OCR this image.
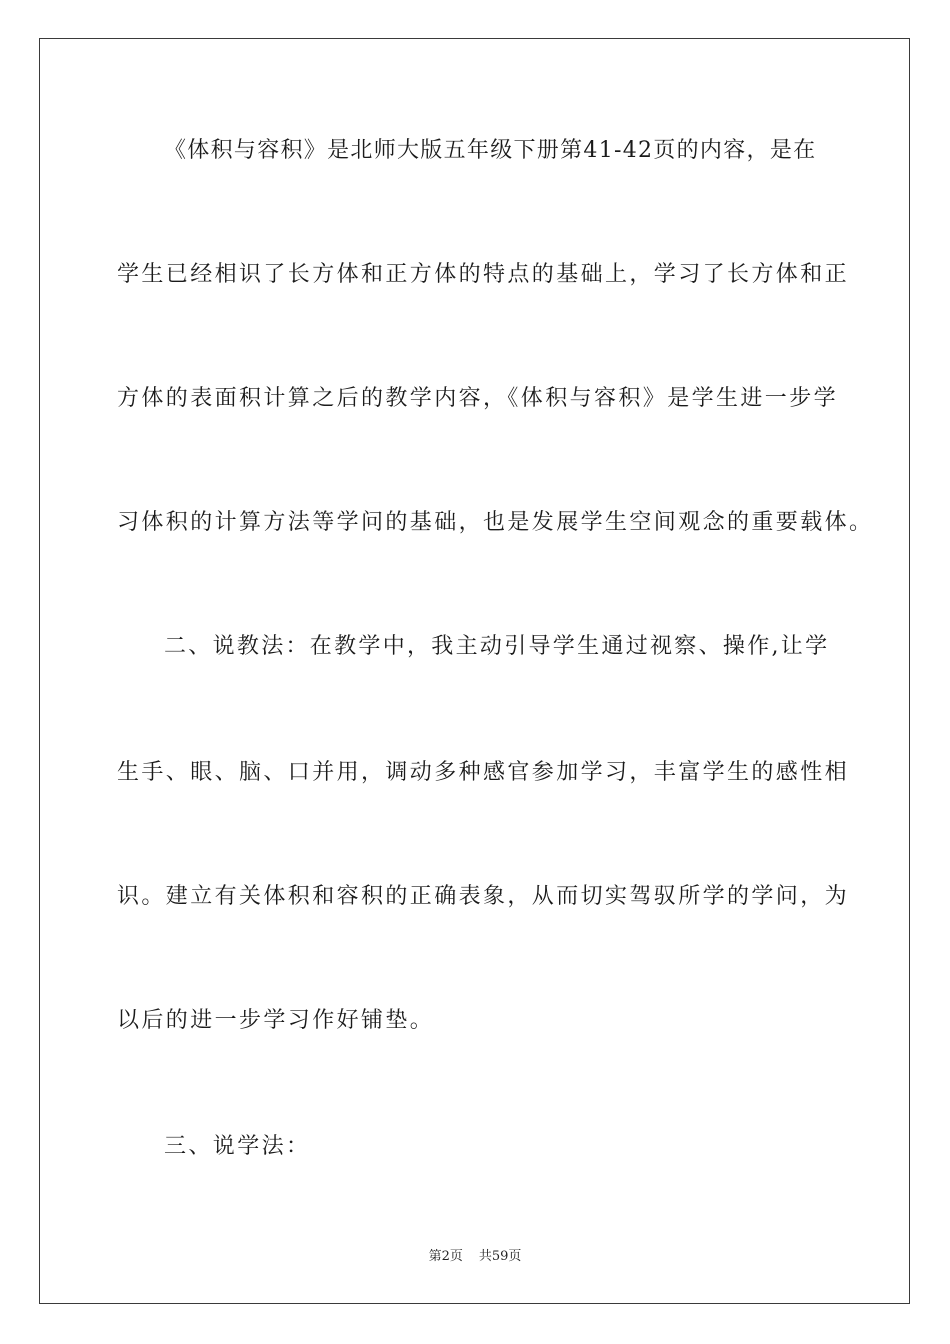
《体积与容积》是北师大版五年级下册第41-42页的内容，是在
学生已经相识了长方体和正方体的特点的基础上，学习了长方体和正
方体的表面积计算之后的教学内容，《体积与容积》是学生进一步学
习体积的计算方法等学问的基础，也是发展学生空间观念的重要载体。
二、说教法：在教学中，我主动引导学生通过视察、操作,让学
生手、眼、脑、口并用，调动多种感官参加学习，丰富学生的感性相
识。建立有关体积和容积的正确表象，从而切实驾驭所学的学问，为
以后的进一步学习作好铺垫。
三、说学法：
第2页 共59页
